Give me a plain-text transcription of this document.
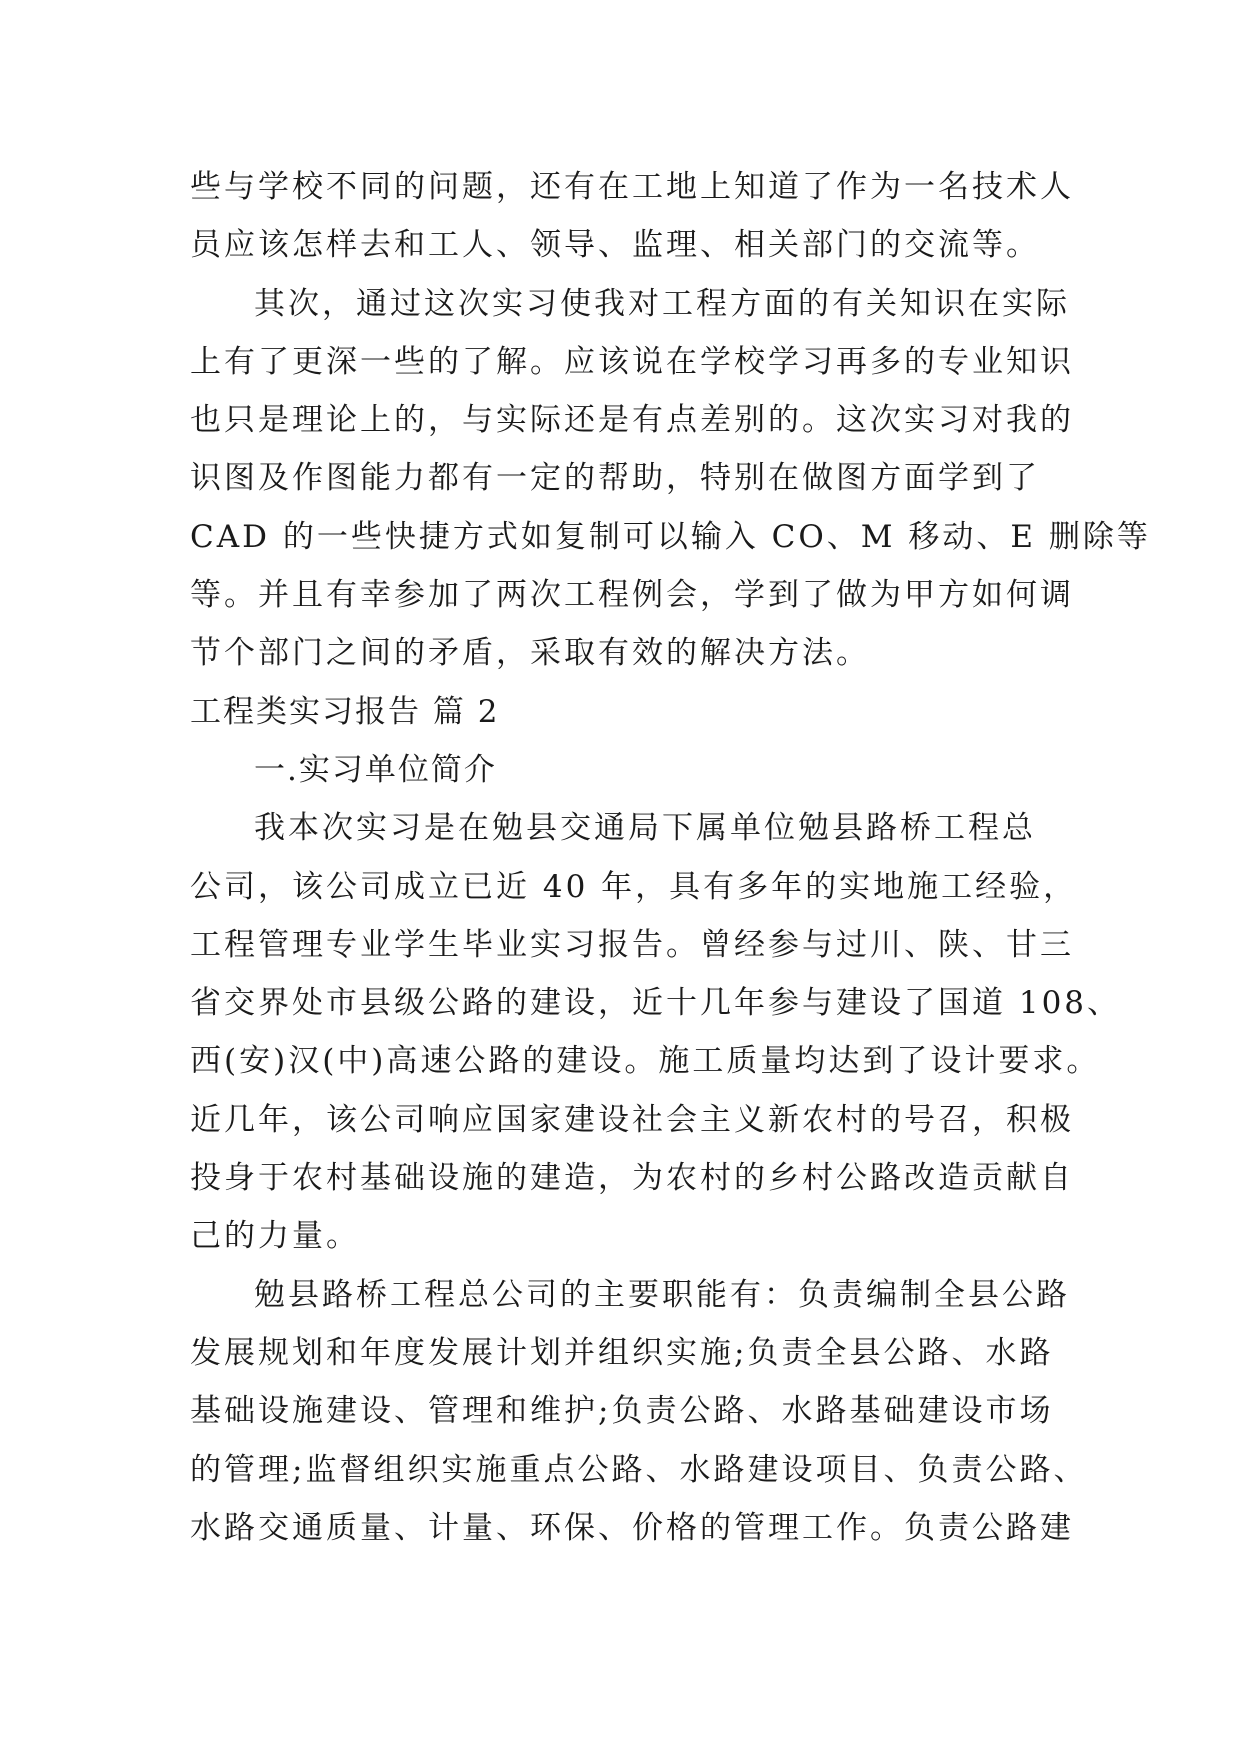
些与学校不同的问题，还有在工地上知道了作为一名技术人
员应该怎样去和工人、领导、监理、相关部门的交流等。
其次，通过这次实习使我对工程方面的有关知识在实际
上有了更深一些的了解。应该说在学校学习再多的专业知识
也只是理论上的，与实际还是有点差别的。这次实习对我的
识图及作图能力都有一定的帮助，特别在做图方面学到了
CAD 的一些快捷方式如复制可以输入 CO、M 移动、E 删除等
等。并且有幸参加了两次工程例会，学到了做为甲方如何调
节个部门之间的矛盾，采取有效的解决方法。
工程类实习报告 篇 2
一.实习单位简介
我本次实习是在勉县交通局下属单位勉县路桥工程总
公司，该公司成立已近 40 年，具有多年的实地施工经验，
工程管理专业学生毕业实习报告。曾经参与过川、陕、甘三
省交界处市县级公路的建设，近十几年参与建设了国道 108、
西(安)汉(中)高速公路的建设。施工质量均达到了设计要求。
近几年，该公司响应国家建设社会主义新农村的号召，积极
投身于农村基础设施的建造，为农村的乡村公路改造贡献自
己的力量。
勉县路桥工程总公司的主要职能有：负责编制全县公路
发展规划和年度发展计划并组织实施;负责全县公路、水路
基础设施建设、管理和维护;负责公路、水路基础建设市场
的管理;监督组织实施重点公路、水路建设项目、负责公路、
水路交通质量、计量、环保、价格的管理工作。负责公路建
